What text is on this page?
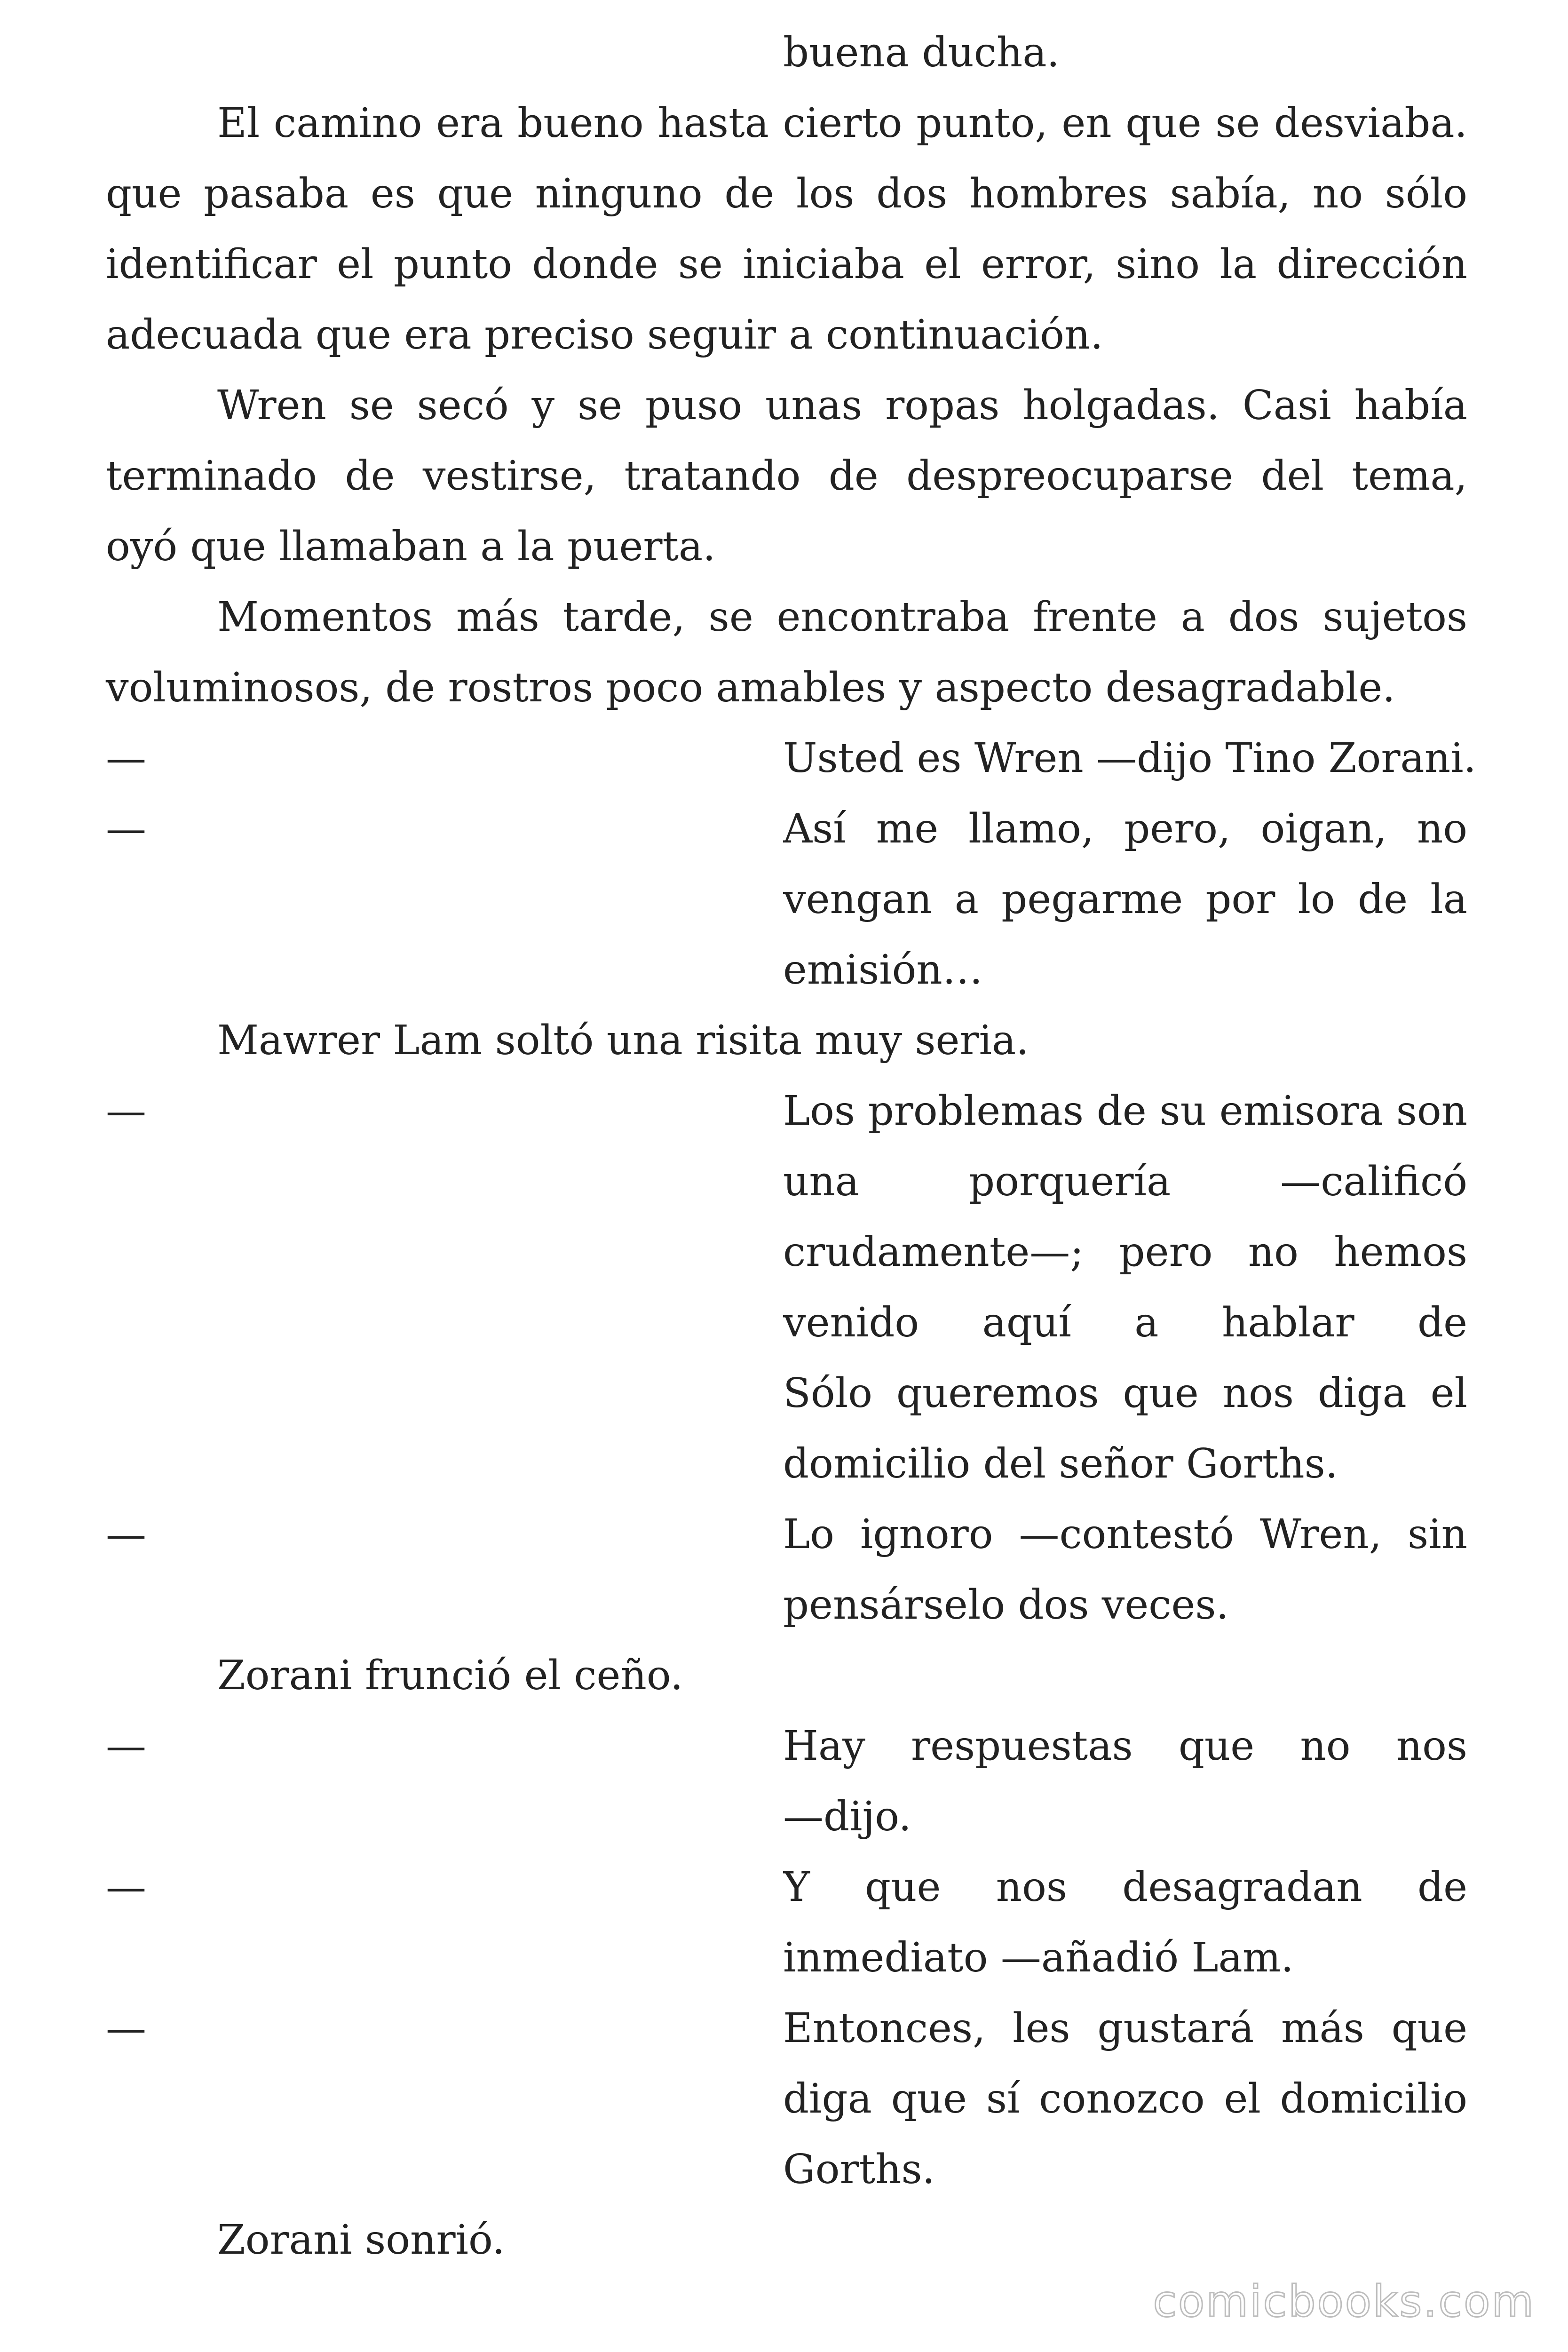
buena ducha.
El camino era bueno hasta cierto punto, en que se desviaba.
que pasaba es que ninguno de los dos hombres sabía, no sólo
identificar el punto donde se iniciaba el error, sino la dirección
adecuada que era preciso seguir a continuación.
Wren se secó y se puso unas ropas holgadas. Casi había
terminado de vestirse, tratando de despreocuparse del tema,
oyó que llamaban a la puerta.
Momentos más tarde, se encontraba frente a dos sujetos
voluminosos, de rostros poco amables y aspecto desagradable.
—	Usted es Wren —dijo Tino Zorani.
—	Así me llamo, pero, oigan, no
vengan a pegarme por lo de la
emisión…
Mawrer Lam soltó una risita muy seria.
—	Los problemas de su emisora son
una porquería —calificó
crudamente—; pero no hemos
venido aquí a hablar de
Sólo queremos que nos diga el
domicilio del señor Gorths.
—	Lo ignoro —contestó Wren, sin
pensárselo dos veces.
Zorani frunció el ceño.
—	Hay respuestas que no nos
—dijo.
—	Y que nos desagradan de
inmediato —añadió Lam.
—	Entonces, les gustará más que
diga que sí conozco el domicilio
Gorths.
Zorani sonrió.
comicbooks.com
